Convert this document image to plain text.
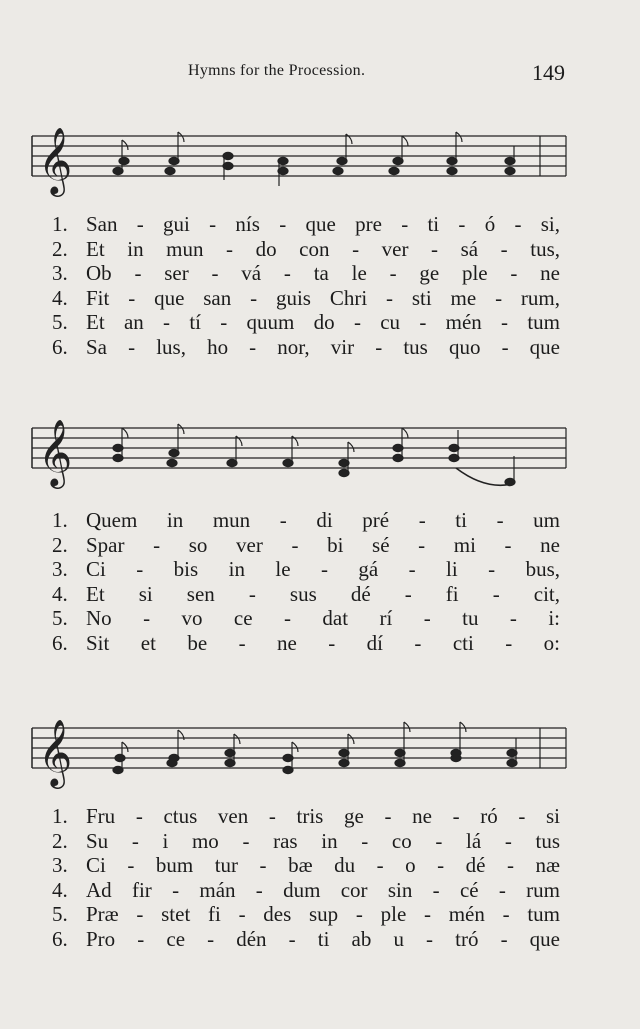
Hymns for the Procession.	149
𝄞
1. San - gui - nís - que pre - ti - ó - si,
2. Et in mun - do con - ver - sá - tus,
3. Ob - ser - vá - ta le - ge ple - ne
4. Fit - que san - guis Chri - sti me - rum,
5. Et an - tí - quum do - cu - mén - tum
6. Sa - lus, ho - nor, vir - tus quo - que
𝄞
1. Quem in mun - di pré - ti - um
2. Spar - so ver - bi sé - mi - ne
3. Ci - bis in le - gá - li - bus,
4. Et si sen - sus dé - fi - cit,
5. No - vo ce - dat rí - tu - i:
6. Sit et be - ne - dí - cti - o:
𝄞
1. Fru - ctus ven - tris ge - ne - ró - si
2. Su - i mo - ras in - co - lá - tus
3. Ci - bum tur - bæ du - o - dé - næ
4. Ad fir - mán - dum cor sin - cé - rum
5. Præ - stet fi - des sup - ple - mén - tum
6. Pro - ce - dén - ti ab u - tró - que
